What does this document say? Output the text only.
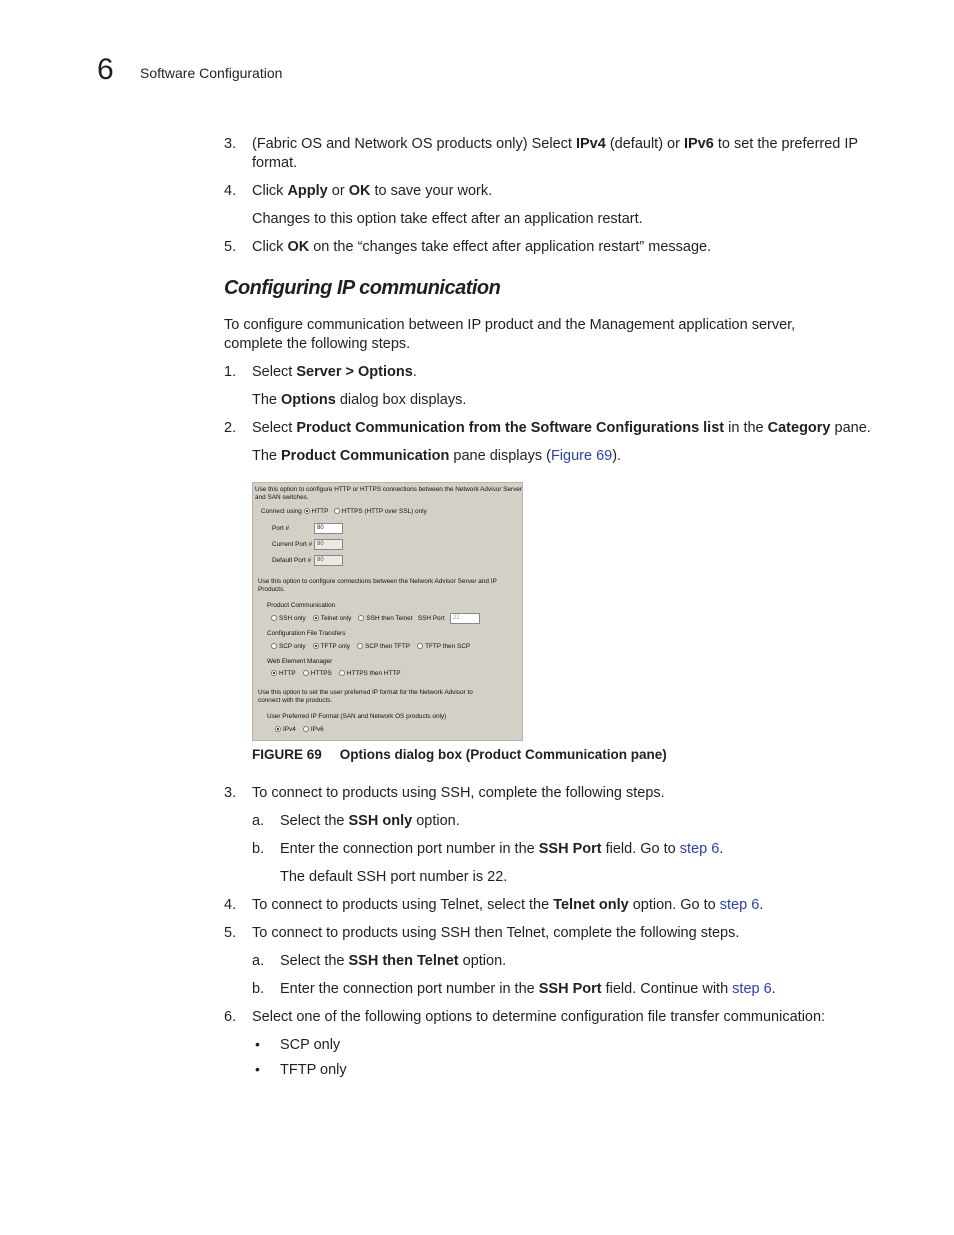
6 Software Configuration
3. (Fabric OS and Network OS products only) Select IPv4 (default) or IPv6 to set the preferred IP
format.
4. Click Apply or OK to save your work.
Changes to this option take effect after an application restart.
5. Click OK on the “changes take effect after application restart” message.
Configuring IP communication
To configure communication between IP product and the Management application server,
complete the following steps.
1. Select Server > Options.
The Options dialog box displays.
2. Select Product Communication from the Software Configurations list in the Category pane.
The Product Communication pane displays (Figure 69).
Use this option to configure HTTP or HTTPS connections between the Network Advisor Server
and SAN switches.
Connect using HTTP HTTPS (HTTP over SSL) only
Port #	80
Current Port # 80
Default Port # 80
Use this option to configure connections between the Network Advisor Server and IP
Products.
Product Communication
SSH only Telnet only SSH then Telnet SSH Port	22
Configuration File Transfers
SCP only TFTP only SCP then TFTP TFTP then SCP
Web Element Manager
HTTP HTTPS HTTPS then HTTP
Use this option to set the user preferred IP format for the Network Advisor to
connect with the products.
User Preferred IP Format (SAN and Network OS products only)
IPv4 IPv6
FIGURE 69 Options dialog box (Product Communication pane)
3. To connect to products using SSH, complete the following steps.
a. Select the SSH only option.
b. Enter the connection port number in the SSH Port field. Go to step 6.
The default SSH port number is 22.
4. To connect to products using Telnet, select the Telnet only option. Go to step 6.
5. To connect to products using SSH then Telnet, complete the following steps.
a. Select the SSH then Telnet option.
b. Enter the connection port number in the SSH Port field. Continue with step 6.
6. Select one of the following options to determine configuration file transfer communication:
• SCP only
• TFTP only
